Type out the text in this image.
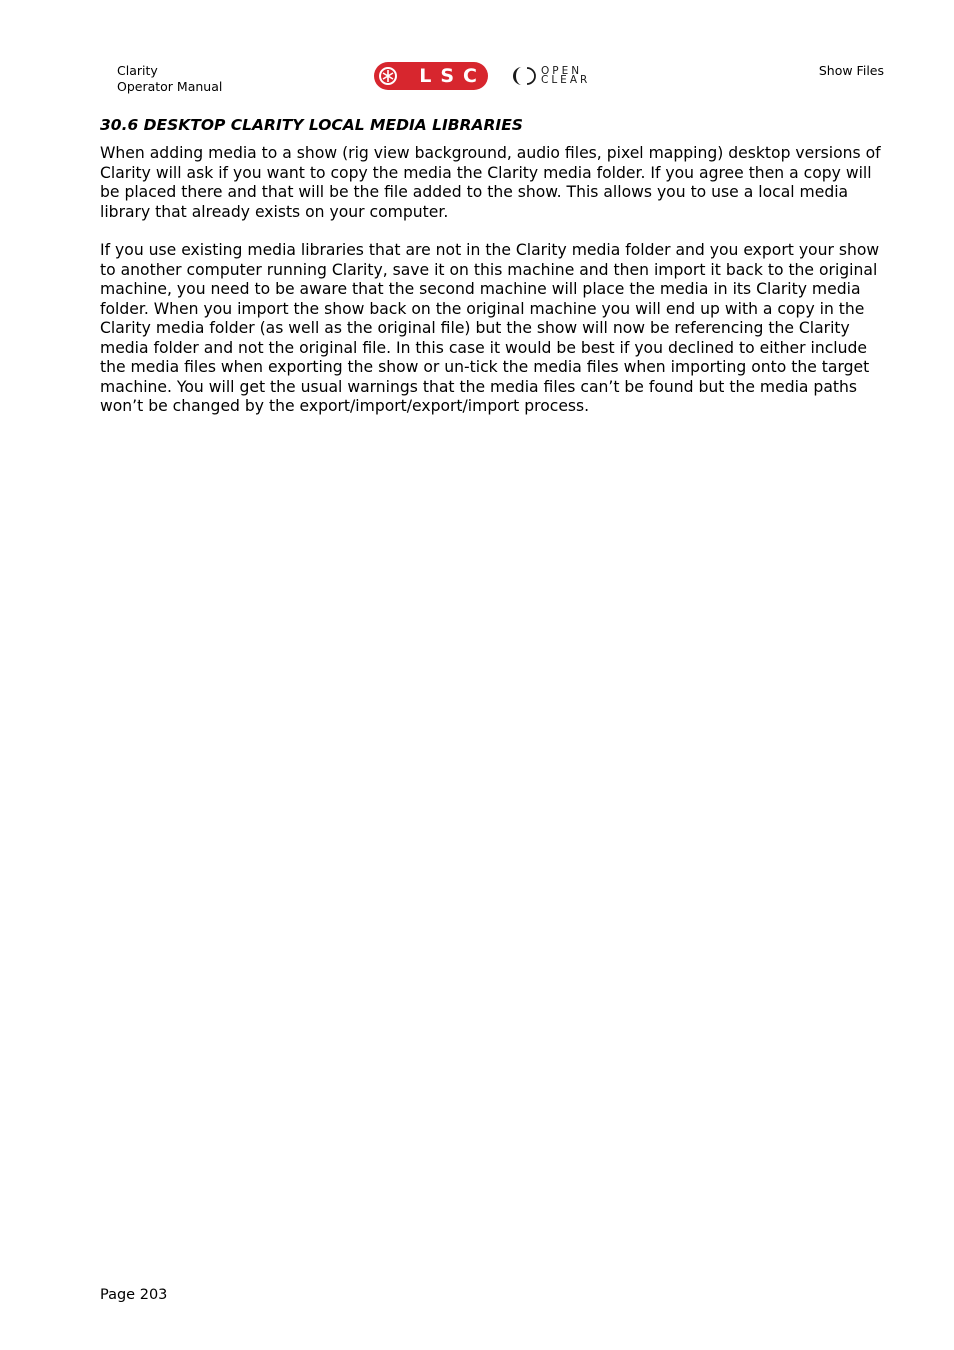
Clarity
Operator Manual	LSC	OPEN
CLEAR
Show Files
30.6 DESKTOP CLARITY LOCAL MEDIA LIBRARIES

When adding media to a show (rig view background, audio files, pixel mapping) desktop versions of Clarity will ask if you want to copy the media the Clarity media folder. If you agree then a copy will be placed there and that will be the file added to the show. This allows you to use a local media library that already exists on your computer.

If you use existing media libraries that are not in the Clarity media folder and you export your show to another computer running Clarity, save it on this machine and then import it back to the original machine, you need to be aware that the second machine will place the media in its Clarity media folder. When you import the show back on the original machine you will end up with a copy in the Clarity media folder (as well as the original file) but the show will now be referencing the Clarity media folder and not the original file. In this case it would be best if you declined to either include the media files when exporting the show or un-tick the media files when importing onto the target machine. You will get the usual warnings that the media files can’t be found but the media paths won’t be changed by the export/import/export/import process.

Page 203
